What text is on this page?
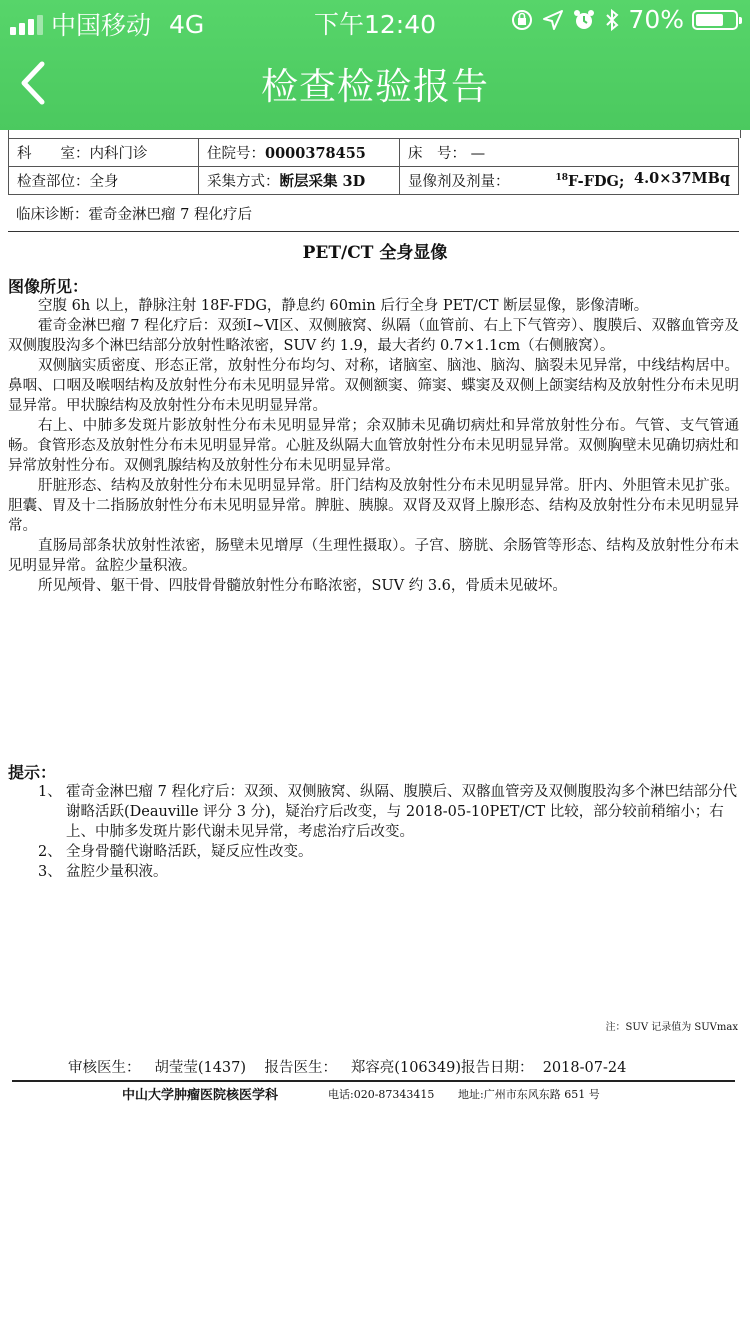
中国移动 4G	下午12:40	70%
检查检验报告
科　　室：内科门诊	住院号：0000378455	床　号： —
检查部位：全身	采集方式：断层采集 3D	显像剂及剂量： $^{18}$F-FDG; 4.0×37MBq
临床诊断：霍奇金淋巴瘤 7 程化疗后
PET/CT 全身显像
图像所见：

空腹 6h 以上，静脉注射 18F-FDG，静息约 60min 后行全身 PET/CT 断层显像，影像清晰。

霍奇金淋巴瘤 7 程化疗后：双颈Ⅰ~Ⅵ区、双侧腋窝、纵隔（血管前、右上下气管旁）、腹膜后、双髂血管旁及双侧腹股沟多个淋巴结部分放射性略浓密，SUV 约 1.9，最大者约 0.7×1.1cm（右侧腋窝）。

双侧脑实质密度、形态正常，放射性分布均匀、对称，诸脑室、脑池、脑沟、脑裂未见异常，中线结构居中。鼻咽、口咽及喉咽结构及放射性分布未见明显异常。双侧额窦、筛窦、蝶窦及双侧上颌窦结构及放射性分布未见明显异常。甲状腺结构及放射性分布未见明显异常。

右上、中肺多发斑片影放射性分布未见明显异常；余双肺未见确切病灶和异常放射性分布。气管、支气管通畅。食管形态及放射性分布未见明显异常。心脏及纵隔大血管放射性分布未见明显异常。双侧胸壁未见确切病灶和异常放射性分布。双侧乳腺结构及放射性分布未见明显异常。

肝脏形态、结构及放射性分布未见明显异常。肝门结构及放射性分布未见明显异常。肝内、外胆管未见扩张。胆囊、胃及十二指肠放射性分布未见明显异常。脾脏、胰腺。双肾及双肾上腺形态、结构及放射性分布未见明显异常。

直肠局部条状放射性浓密，肠壁未见增厚（生理性摄取）。子宫、膀胱、余肠管等形态、结构及放射性分布未见明显异常。盆腔少量积液。

所见颅骨、躯干骨、四肢骨骨髓放射性分布略浓密，SUV 约 3.6，骨质未见破坏。

提示：
1、 霍奇金淋巴瘤 7 程化疗后：双颈、双侧腋窝、纵隔、腹膜后、双髂血管旁及双侧腹股沟多个淋巴结部分代谢略活跃(Deauville 评分 3 分)，疑治疗后改变，与 2018-05-10PET/CT 比较，部分较前稍缩小；右上、中肺多发斑片影代谢未见异常，考虑治疗后改变。
2、 全身骨髓代谢略活跃，疑反应性改变。
3、 盆腔少量积液。
注：SUV 记录值为 SUVmax
审核医生： 胡莹莹(1437) 报告医生： 郑容亮(106349)报告日期： 2018-07-24
中山大学肿瘤医院核医学科	电话:020-87343415 地址:广州市东风东路 651 号
